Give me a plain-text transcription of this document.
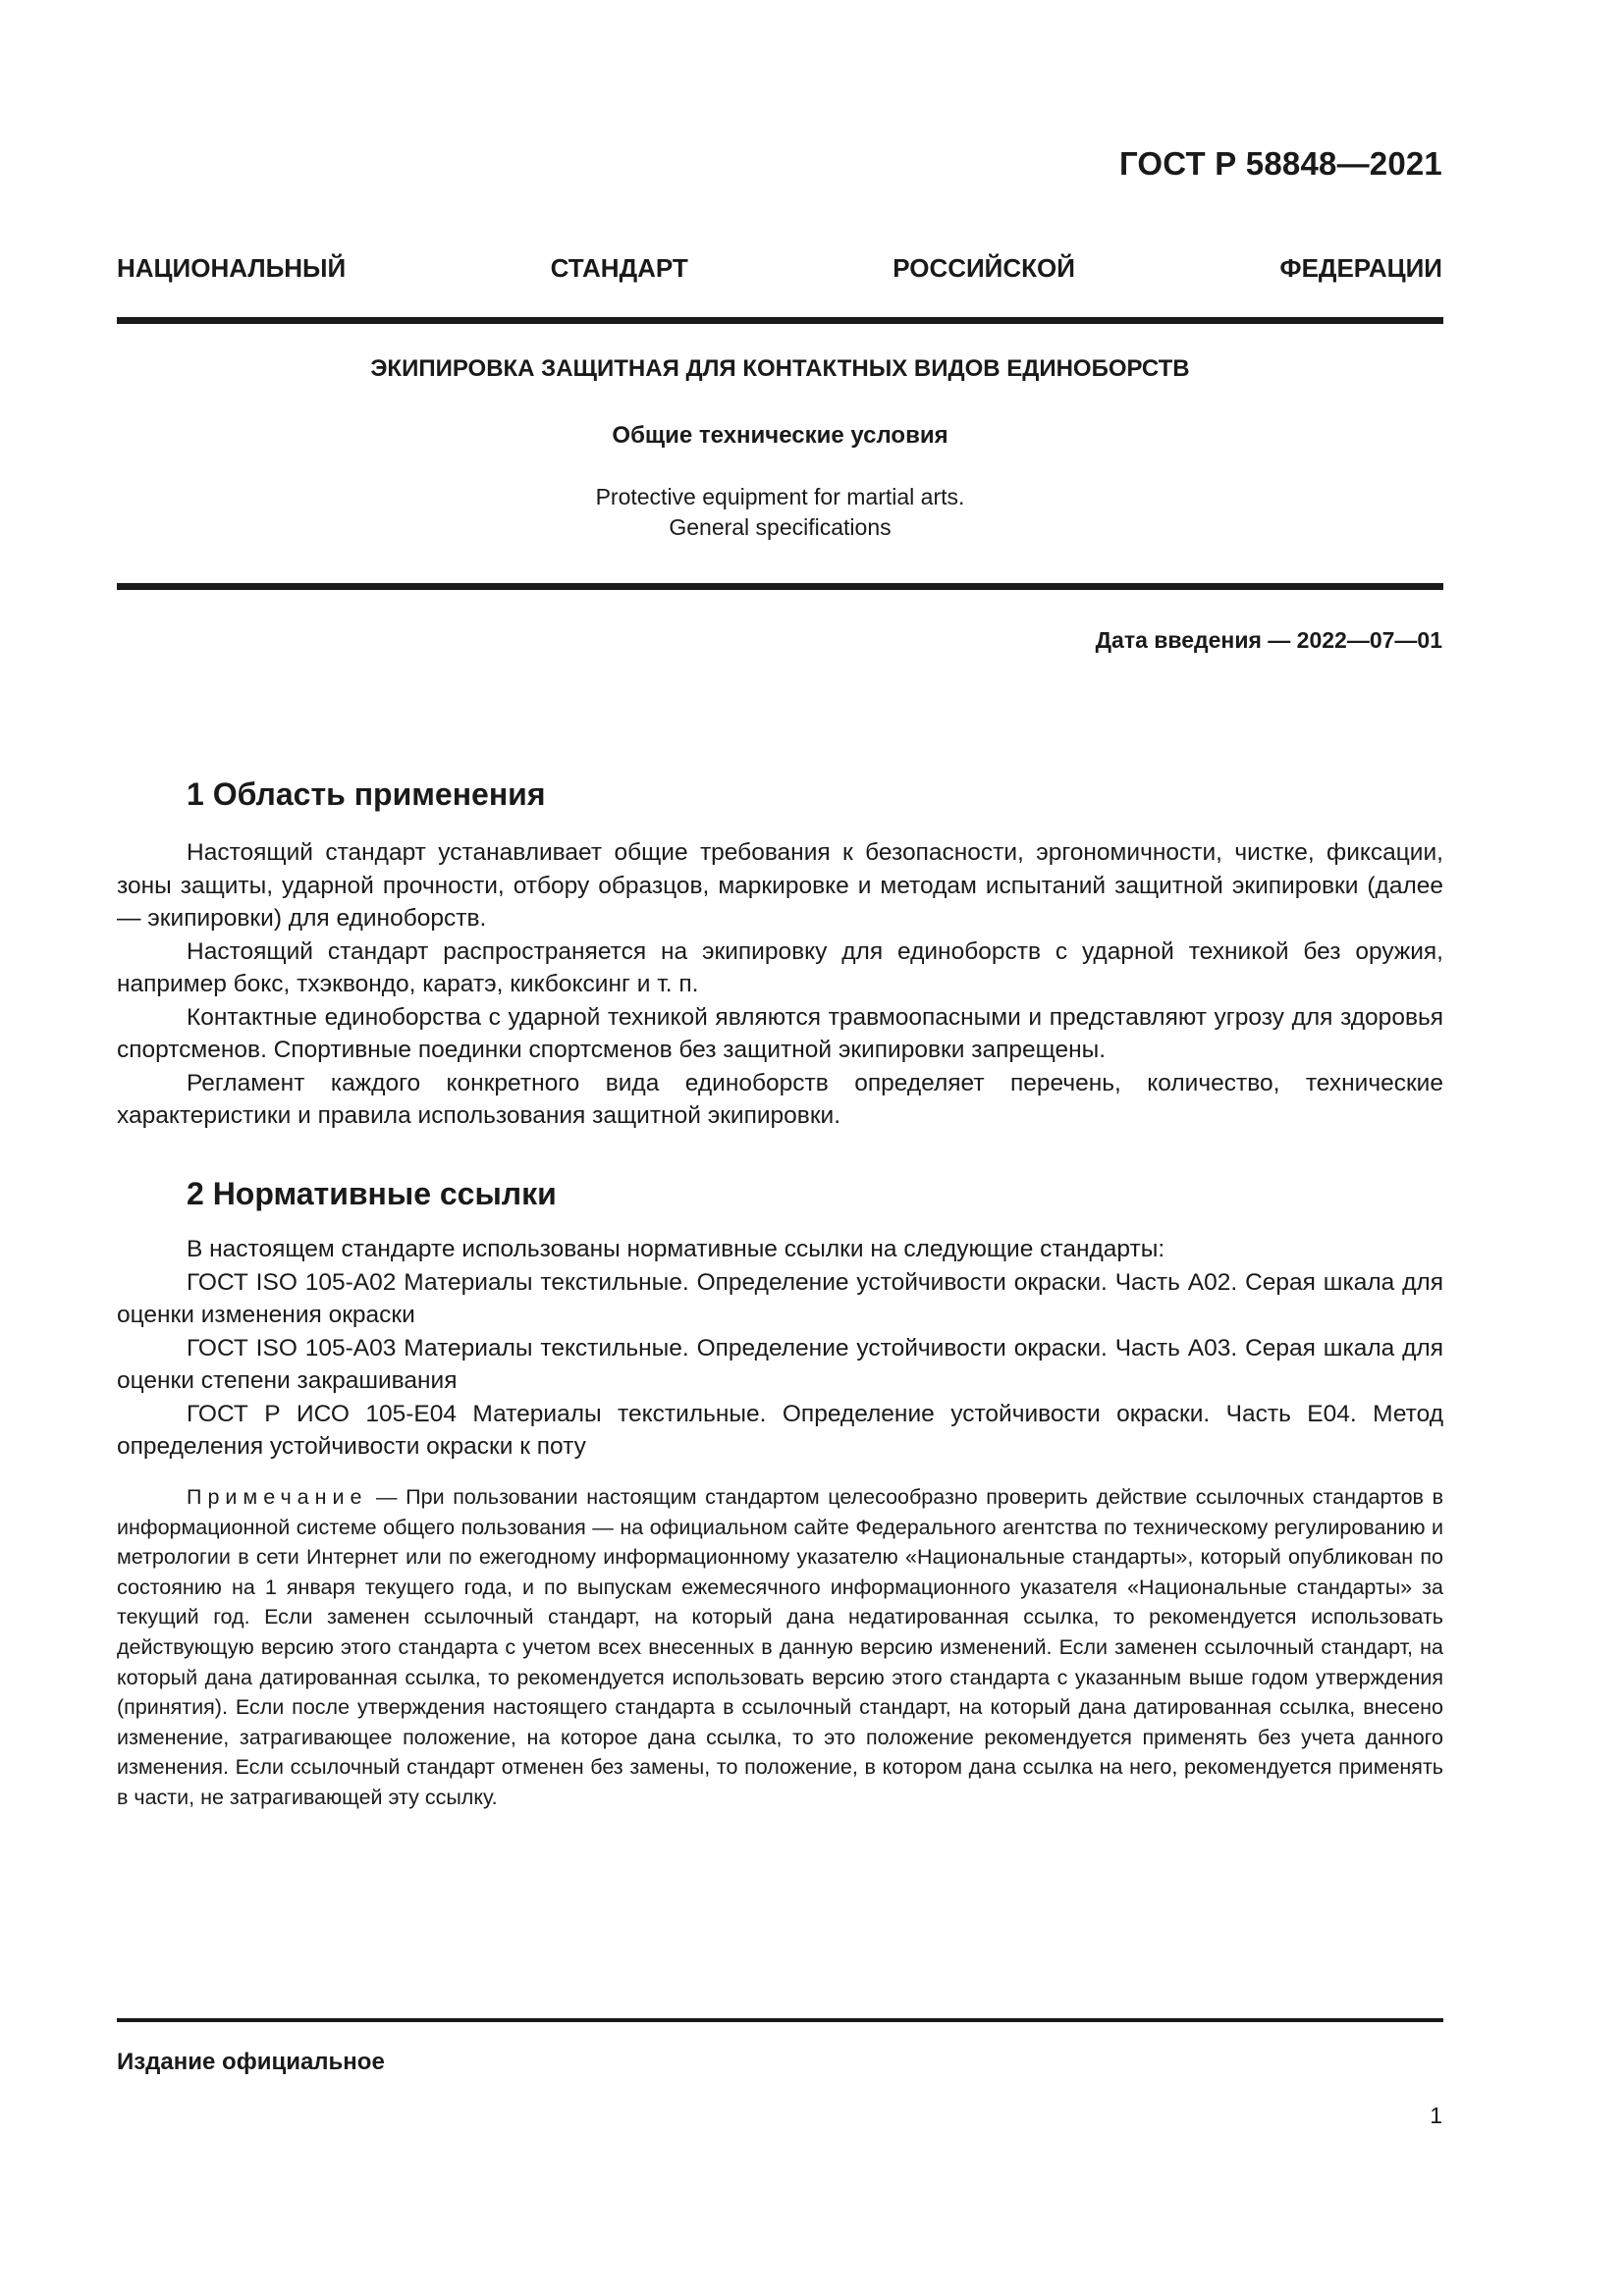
ГОСТ Р 58848—2021
НАЦИОНАЛЬНЫЙ СТАНДАРТ РОССИЙСКОЙ ФЕДЕРАЦИИ
ЭКИПИРОВКА ЗАЩИТНАЯ ДЛЯ КОНТАКТНЫХ ВИДОВ ЕДИНОБОРСТВ
Общие технические условия
Protective equipment for martial arts.
General specifications
Дата введения — 2022—07—01
1 Область применения

Настоящий стандарт устанавливает общие требования к безопасности, эргономичности, чистке, фиксации, зоны защиты, ударной прочности, отбору образцов, маркировке и методам испытаний защитной экипировки (далее — экипировки) для единоборств.

Настоящий стандарт распространяется на экипировку для единоборств с ударной техникой без оружия, например бокс, тхэквондо, каратэ, кикбоксинг и т. п.

Контактные единоборства с ударной техникой являются травмоопасными и представляют угрозу для здоровья спортсменов. Спортивные поединки спортсменов без защитной экипировки запрещены.

Регламент каждого конкретного вида единоборств определяет перечень, количество, технические характеристики и правила использования защитной экипировки.

2 Нормативные ссылки

В настоящем стандарте использованы нормативные ссылки на следующие стандарты:

ГОСТ ISO 105-A02 Материалы текстильные. Определение устойчивости окраски. Часть А02. Серая шкала для оценки изменения окраски

ГОСТ ISO 105-A03 Материалы текстильные. Определение устойчивости окраски. Часть А03. Серая шкала для оценки степени закрашивания

ГОСТ Р ИСО 105-Е04 Материалы текстильные. Определение устойчивости окраски. Часть Е04. Метод определения устойчивости окраски к поту

Примечание — При пользовании настоящим стандартом целесообразно проверить действие ссылочных стандартов в информационной системе общего пользования — на официальном сайте Федерального агентства по техническому регулированию и метрологии в сети Интернет или по ежегодному информационному указателю «Национальные стандарты», который опубликован по состоянию на 1 января текущего года, и по выпускам ежемесячного информационного указателя «Национальные стандарты» за текущий год. Если заменен ссылочный стандарт, на который дана недатированная ссылка, то рекомендуется использовать действующую версию этого стандарта с учетом всех внесенных в данную версию изменений. Если заменен ссылочный стандарт, на который дана датированная ссылка, то рекомендуется использовать версию этого стандарта с указанным выше годом утверждения (принятия). Если после утверждения настоящего стандарта в ссылочный стандарт, на который дана датированная ссылка, внесено изменение, затрагивающее положение, на которое дана ссылка, то это положение рекомендуется применять без учета данного изменения. Если ссылочный стандарт отменен без замены, то положение, в котором дана ссылка на него, рекомендуется применять в части, не затрагивающей эту ссылку.

Издание официальное
1
